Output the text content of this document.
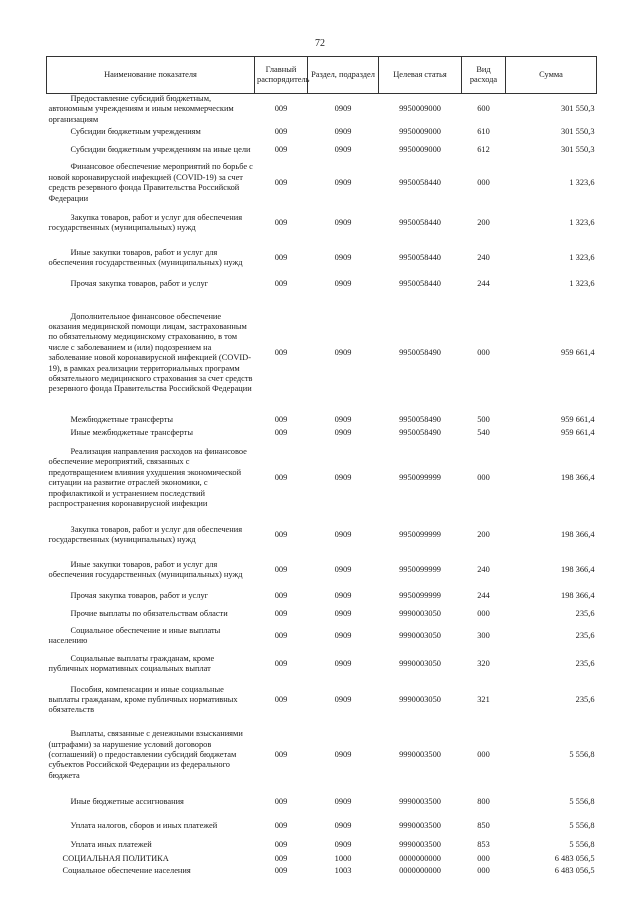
72
Наименование показателя	Главный распорядитель	Раздел, подраздел	Целевая статья	Вид расхода	Сумма

Предоставление субсидий бюджетным, автономным учреждениям и иным некоммерческим организациям	009	0909	9950009000	600	301 550,3

Субсидии бюджетным учреждениям	009	0909	9950009000	610	301 550,3

Субсидии бюджетным учреждениям на иные цели	009	0909	9950009000	612	301 550,3

Финансовое обеспечение мероприятий по борьбе с новой коронавирусной инфекцией (COVID-19) за счет средств резервного фонда Правительства Российской Федерации	009	0909	9950058440	000	1 323,6

Закупка товаров, работ и услуг для обеспечения государственных (муниципальных) нужд	009	0909	9950058440	200	1 323,6

Иные закупки товаров, работ и услуг для обеспечения государственных (муниципальных) нужд	009	0909	9950058440	240	1 323,6

Прочая закупка товаров, работ и услуг	009	0909	9950058440	244	1 323,6

Дополнительное финансовое обеспечение оказания медицинской помощи лицам, застрахованным по обязательному медицинскому страхованию, в том числе с заболеванием и (или) подозрением на заболевание новой коронавирусной инфекцией (COVID-19), в рамках реализации территориальных программ обязательного медицинского страхования за счет средств резервного фонда Правительства Российской Федерации	009	0909	9950058490	000	959 661,4

Межбюджетные трансферты	009	0909	9950058490	500	959 661,4

Иные межбюджетные трансферты	009	0909	9950058490	540	959 661,4

Реализация направления расходов на финансовое обеспечение мероприятий, связанных с предотвращением влияния ухудшения экономической ситуации на развитие отраслей экономики, с профилактикой и устранением последствий распространения коронавирусной инфекции	009	0909	9950099999	000	198 366,4

Закупка товаров, работ и услуг для обеспечения государственных (муниципальных) нужд	009	0909	9950099999	200	198 366,4

Иные закупки товаров, работ и услуг для обеспечения государственных (муниципальных) нужд	009	0909	9950099999	240	198 366,4

Прочая закупка товаров, работ и услуг	009	0909	9950099999	244	198 366,4

Прочие выплаты по обязательствам области	009	0909	9990003050	000	235,6

Социальное обеспечение и иные выплаты населению	009	0909	9990003050	300	235,6

Социальные выплаты гражданам, кроме публичных нормативных социальных выплат	009	0909	9990003050	320	235,6

Пособия, компенсации и иные социальные выплаты гражданам, кроме публичных нормативных обязательств	009	0909	9990003050	321	235,6

Выплаты, связанные с денежными взысканиями (штрафами) за нарушение условий договоров (соглашений) о предоставлении субсидий бюджетам субъектов Российской Федерации из федерального бюджета	009	0909	9990003500	000	5 556,8

Иные бюджетные ассигнования	009	0909	9990003500	800	5 556,8

Уплата налогов, сборов и иных платежей	009	0909	9990003500	850	5 556,8

Уплата иных платежей	009	0909	9990003500	853	5 556,8

СОЦИАЛЬНАЯ ПОЛИТИКА	009	1000	0000000000	000	6 483 056,5

Социальное обеспечение населения	009	1003	0000000000	000	6 483 056,5
